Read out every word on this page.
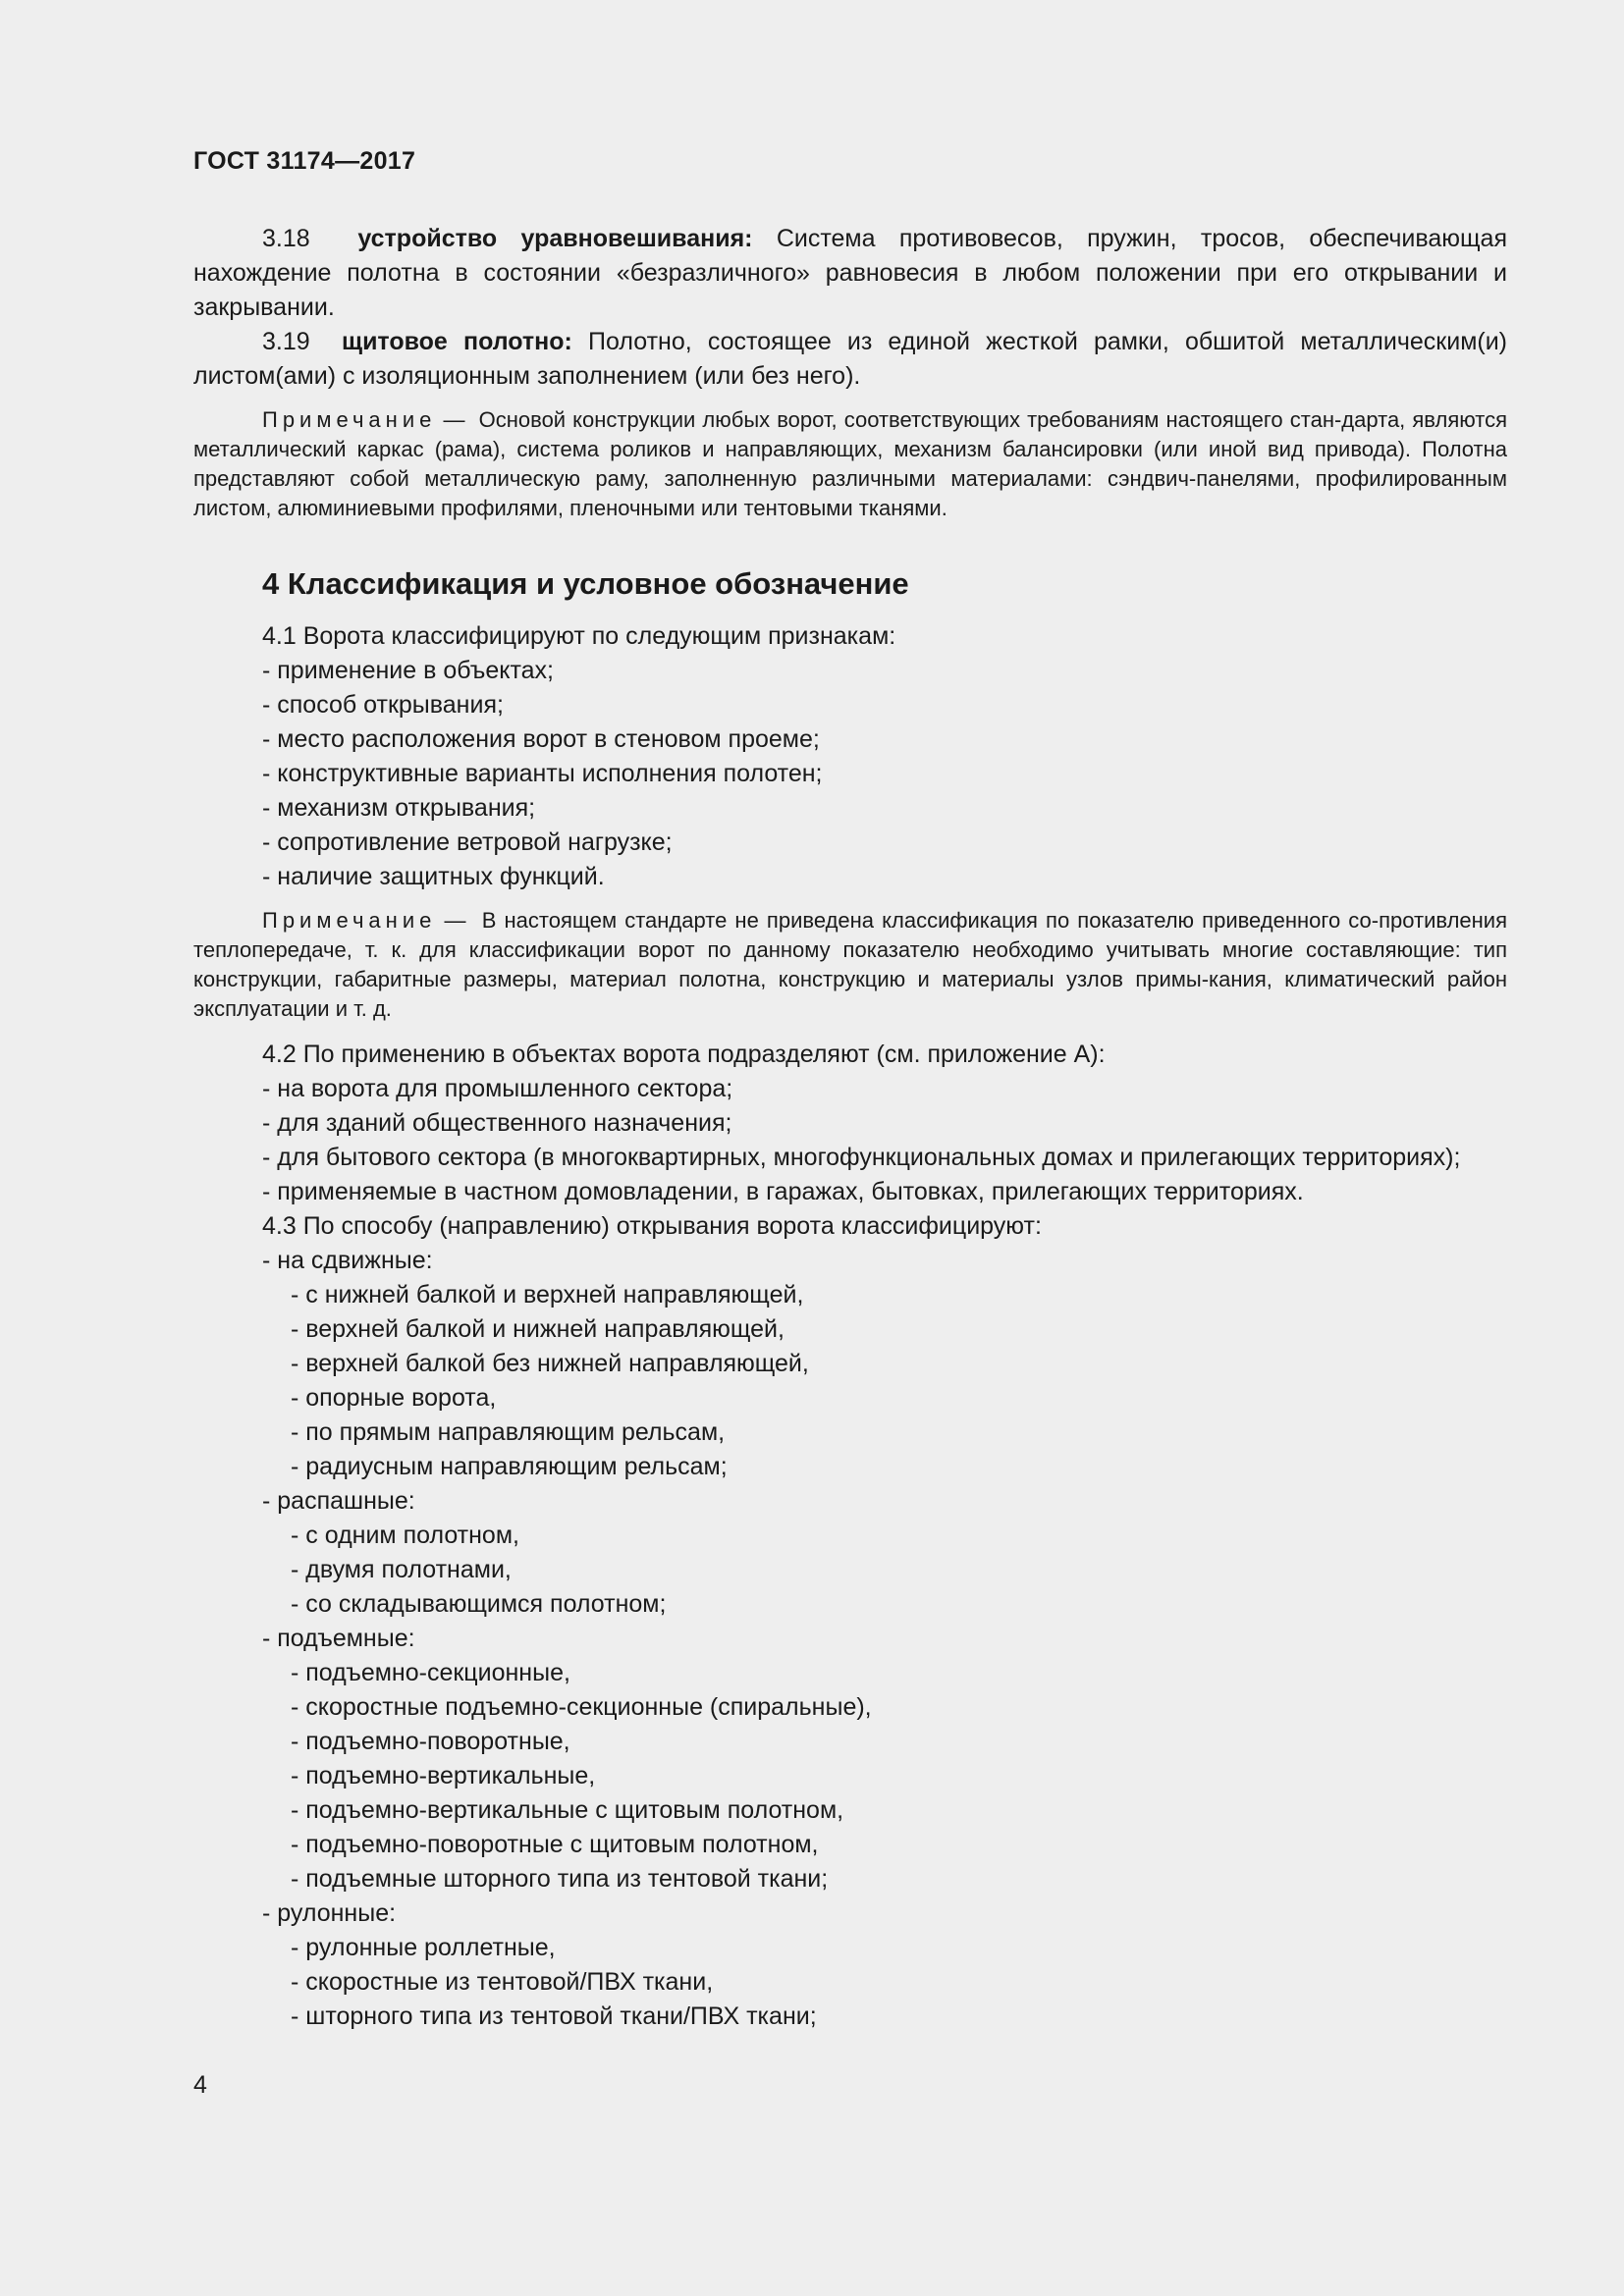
ГОСТ 31174—2017

3.18 устройство уравновешивания: Система противовесов, пружин, тросов, обеспечивающая нахождение полотна в состоянии «безразличного» равновесия в любом положении при его открывании и закрывании.

3.19 щитовое полотно: Полотно, состоящее из единой жесткой рамки, обшитой металлическим(и) листом(ами) с изоляционным заполнением (или без него).

Примечание — Основой конструкции любых ворот, соответствующих требованиям настоящего стан-дарта, являются металлический каркас (рама), система роликов и направляющих, механизм балансировки (или иной вид привода). Полотна представляют собой металлическую раму, заполненную различными материалами: сэндвич-панелями, профилированным листом, алюминиевыми профилями, пленочными или тентовыми тканями.

4 Классификация и условное обозначение

4.1 Ворота классифицируют по следующим признакам:

- применение в объектах;

- способ открывания;

- место расположения ворот в стеновом проеме;

- конструктивные варианты исполнения полотен;

- механизм открывания;

- сопротивление ветровой нагрузке;

- наличие защитных функций.

Примечание — В настоящем стандарте не приведена классификация по показателю приведенного со-противления теплопередаче, т. к. для классификации ворот по данному показателю необходимо учитывать многие составляющие: тип конструкции, габаритные размеры, материал полотна, конструкцию и материалы узлов примы-кания, климатический район эксплуатации и т. д.

4.2 По применению в объектах ворота подразделяют (см. приложение А):

- на ворота для промышленного сектора;

- для зданий общественного назначения;

- для бытового сектора (в многоквартирных, многофункциональных домах и прилегающих территориях);

- применяемые в частном домовладении, в гаражах, бытовках, прилегающих территориях.

4.3 По способу (направлению) открывания ворота классифицируют:

- на сдвижные:

- с нижней балкой и верхней направляющей,

- верхней балкой и нижней направляющей,

- верхней балкой без нижней направляющей,

- опорные ворота,

- по прямым направляющим рельсам,

- радиусным направляющим рельсам;

- распашные:

- с одним полотном,

- двумя полотнами,

- со складывающимся полотном;

- подъемные:

- подъемно-секционные,

- скоростные подъемно-секционные (спиральные),

- подъемно-поворотные,

- подъемно-вертикальные,

- подъемно-вертикальные с щитовым полотном,

- подъемно-поворотные с щитовым полотном,

- подъемные шторного типа из тентовой ткани;

- рулонные:

- рулонные роллетные,

- скоростные из тентовой/ПВХ ткани,

- шторного типа из тентовой ткани/ПВХ ткани;

4
